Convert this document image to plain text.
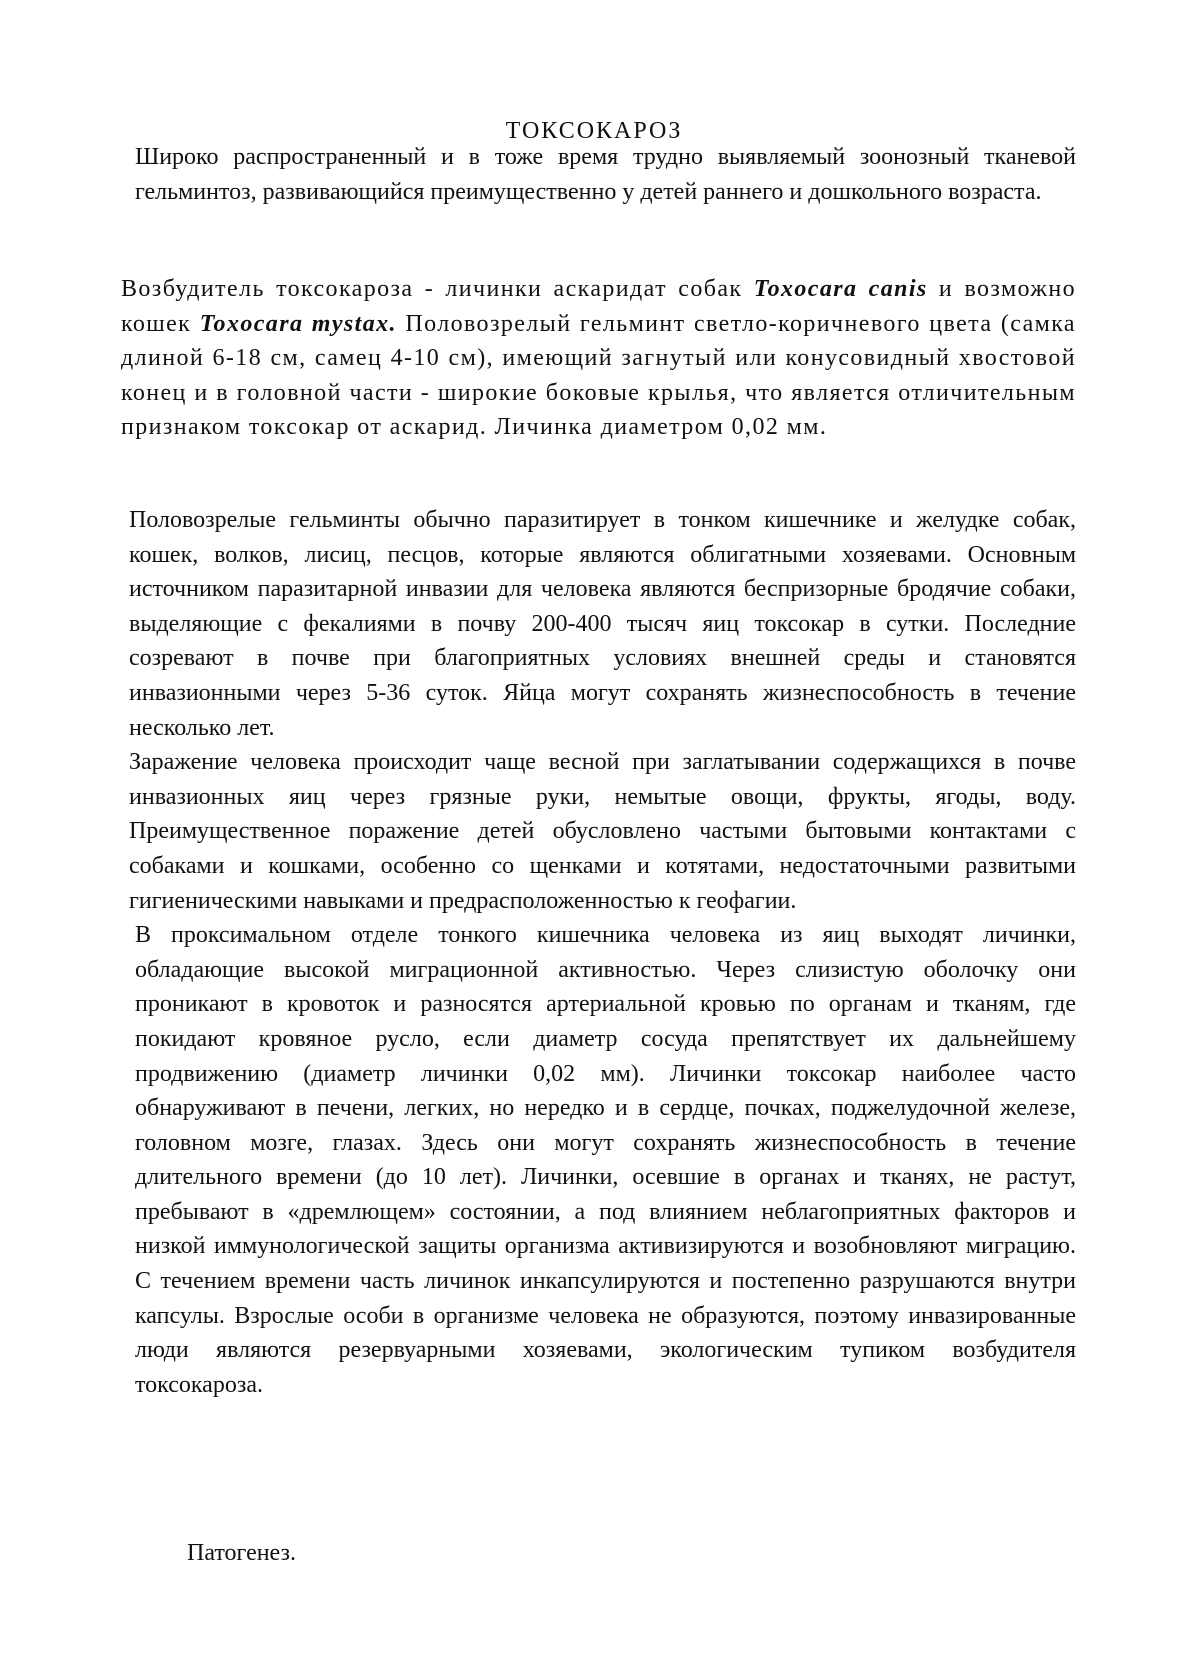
ТОКСОКАРОЗ

Широко распространенный и в тоже время трудно выявляемый зоонозный тканевой гельминтоз, развивающийся преимущественно у детей раннего и дошкольного возраста.

Возбудитель токсокароза - личинки аскаридат собак Toxocara canis и возможно кошек Toxocara mystax. Половозрелый гельминт светло-коричневого цвета (самка длиной 6-18 см, самец 4-10 см), имеющий загнутый или конусовидный хвостовой конец и в головной части - широкие боковые крылья, что является отличительным признаком токсокар от аскарид. Личинка диаметром 0,02 мм.

Половозрелые гельминты обычно паразитирует в тонком кишечнике и желудке собак, кошек, волков, лисиц, песцов, которые являются облигатными хозяевами. Основным источником паразитарной инвазии для человека являются беспризорные бродячие собаки, выделяющие с фекалиями в почву 200-400 тысяч яиц токсокар в сутки. Последние созревают в почве при благоприятных условиях внешней среды и становятся инвазионными через 5-36 суток. Яйца могут сохранять жизнеспособность в течение несколько лет.

Заражение человека происходит чаще весной при заглатывании содержащихся в почве инвазионных яиц через грязные руки, немытые овощи, фрукты, ягоды, воду. Преимущественное поражение детей обусловлено частыми бытовыми контактами с собаками и кошками, особенно со щенками и котятами, недостаточными развитыми гигиеническими навыками и предрасположенностью к геофагии.

В проксимальном отделе тонкого кишечника человека из яиц выходят личинки, обладающие высокой миграционной активностью. Через слизистую оболочку они проникают в кровоток и разносятся артериальной кровью по органам и тканям, где покидают кровяное русло, если диаметр сосуда препятствует их дальнейшему продвижению (диаметр личинки 0,02 мм). Личинки токсокар наиболее часто обнаруживают в печени, легких, но нередко и в сердце, почках, поджелудочной железе, головном мозге, глазах. Здесь они могут сохранять жизнеспособность в течение длительного времени (до 10 лет). Личинки, осевшие в органах и тканях, не растут, пребывают в «дремлющем» состоянии, а под влиянием неблагоприятных факторов и низкой иммунологической защиты организма активизируются и возобновляют миграцию. С течением времени часть личинок инкапсулируются и постепенно разрушаются внутри капсулы. Взрослые особи в организме человека не образуются, поэтому инвазированные люди являются резервуарными хозяевами, экологическим тупиком возбудителя токсокароза.

Патогенез.
